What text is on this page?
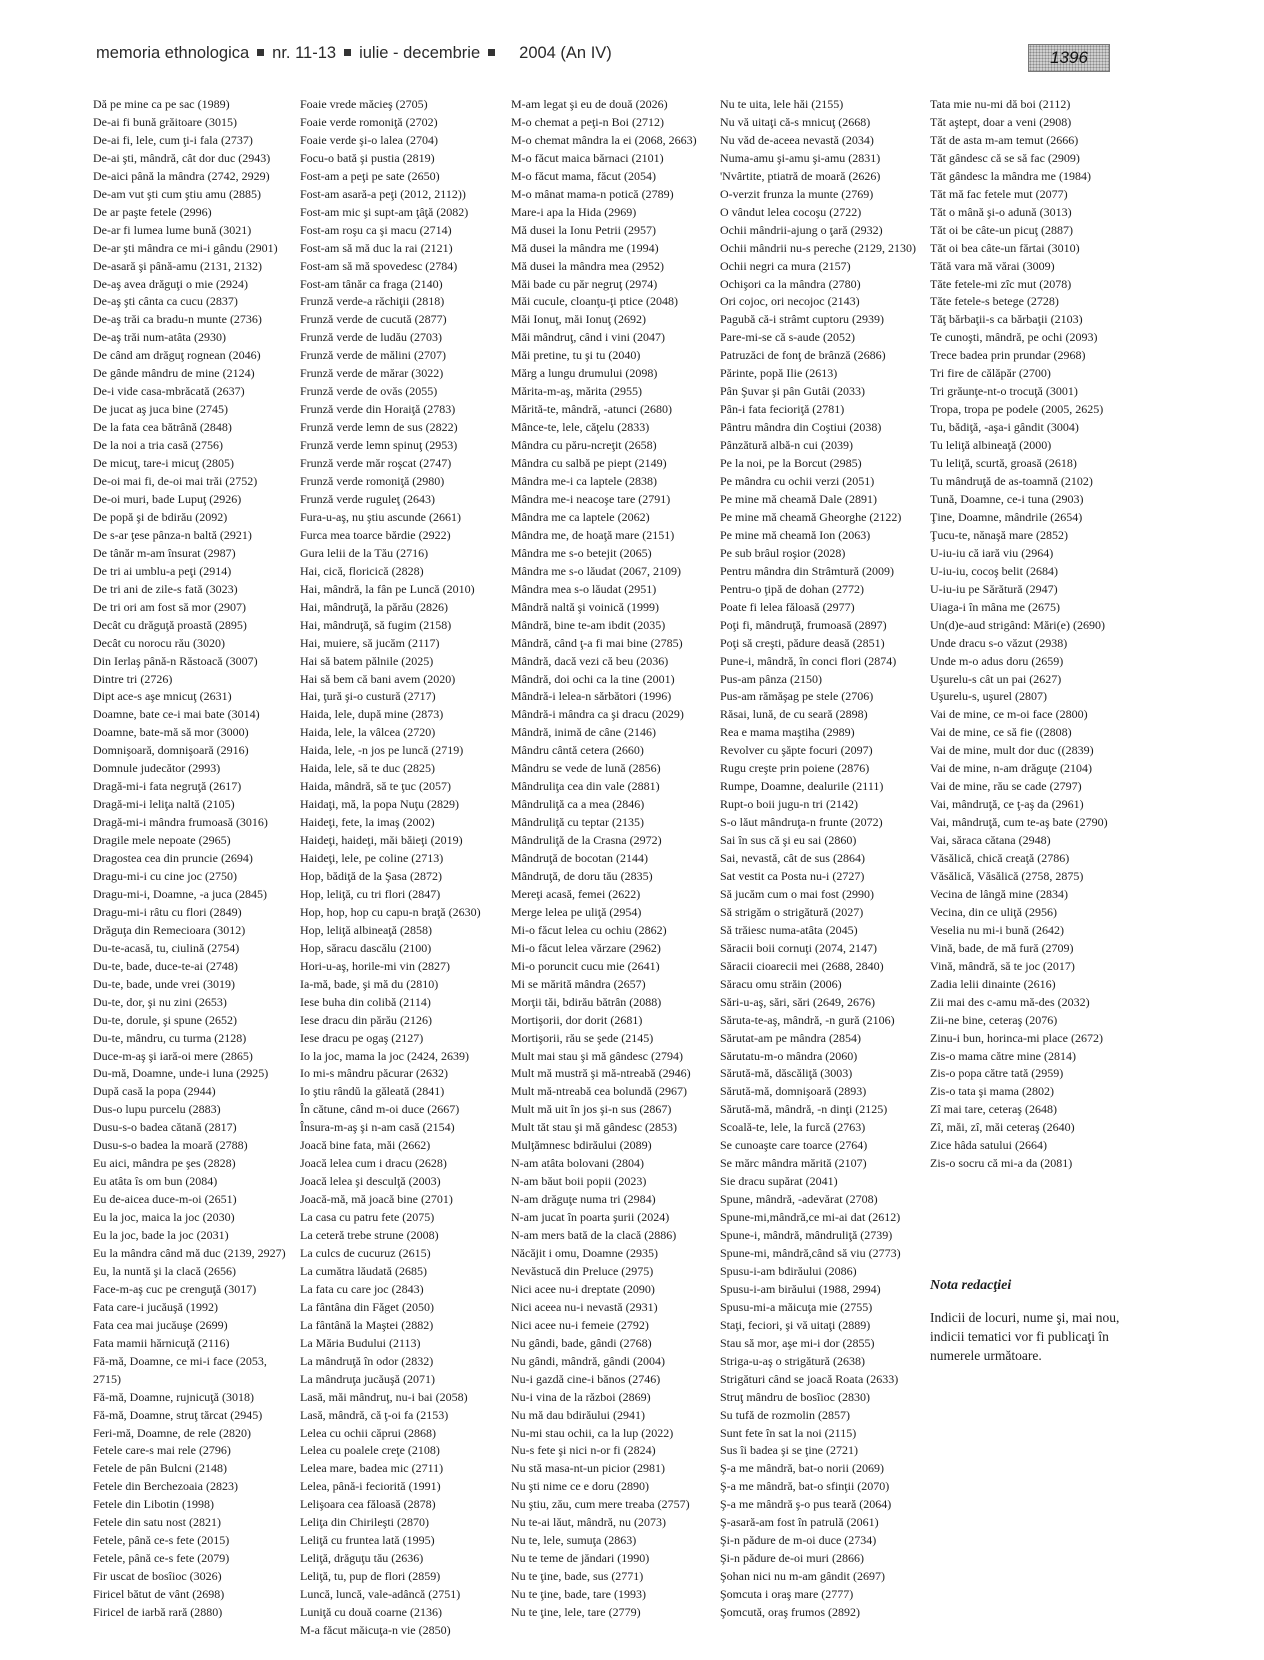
memoria ethnologica nr. 11-13 iulie - decembrie 2004 (An IV)	1396
Dă pe mine ca pe sac (1989)
De-ai fi bună grăitoare (3015)
De-ai fi, lele, cum ţi-i fala (2737)
De-ai şti, mândră, cât dor duc (2943)
De-aici până la mândra (2742, 2929)
De-am vut şti cum ştiu amu (2885)
De ar paşte fetele (2996)
De-ar fi lumea lume bună (3021)
De-ar şti mândra ce mi-i gându (2901)
De-asară şi până-amu (2131, 2132)
De-aş avea drăguţi o mie (2924)
De-aş şti cânta ca cucu (2837)
De-aş trăi ca bradu-n munte (2736)
De-aş trăi num-atâta (2930)
De când am drăguţ rognean (2046)
De gânde mândru de mine (2124)
De-i vide casa-mbrăcată (2637)
De jucat aş juca bine (2745)
De la fata cea bătrână (2848)
De la noi a tria casă (2756)
De micuţ, tare-i micuţ (2805)
De-oi mai fi, de-oi mai trăi (2752)
De-oi muri, bade Lupuţ (2926)
De popă şi de bdirău (2092)
De s-ar ţese pânza-n baltă (2921)
De tânăr m-am însurat (2987)
De tri ai umblu-a peţi (2914)
De tri ani de zile-s fată (3023)
De tri ori am fost să mor (2907)
Decât cu drăguţă proastă (2895)
Decât cu norocu rău (3020)
Din Ierlaş până-n Răstoacă (3007)
Dintre tri (2726)
Dipt ace-s aşe mnicuţ (2631)
Doamne, bate ce-i mai bate (3014)
Doamne, bate-mă să mor (3000)
Domnişoară, domnişoară (2916)
Domnule judecător (2993)
Dragă-mi-i fata negruţă (2617)
Dragă-mi-i leliţa naltă (2105)
Dragă-mi-i mândra frumoasă (3016)
Dragile mele nepoate (2965)
Dragostea cea din pruncie (2694)
Dragu-mi-i cu cine joc (2750)
Dragu-mi-i, Doamne, -a juca (2845)
Dragu-mi-i râtu cu flori (2849)
Drăguţa din Remecioara (3012)
Du-te-acasă, tu, ciulină (2754)
Du-te, bade, duce-te-ai (2748)
Du-te, bade, unde vrei (3019)
Du-te, dor, şi nu zini (2653)
Du-te, dorule, şi spune (2652)
Du-te, mândru, cu turma (2128)
Duce-m-aş şi iară-oi mere (2865)
Du-mă, Doamne, unde-i luna (2925)
După casă la popa (2944)
Dus-o lupu purcelu (2883)
Dusu-s-o badea cătană (2817)
Dusu-s-o badea la moară (2788)
Eu aici, mândra pe şes (2828)
Eu atâta îs om bun (2084)
Eu de-aicea duce-m-oi (2651)
Eu la joc, maica la joc (2030)
Eu la joc, bade la joc (2031)
Eu la mândra când mă duc (2139, 2927)
Eu, la nuntă şi la clacă (2656)
Face-m-aş cuc pe crenguţă (3017)
Fata care-i jucăuşă (1992)
Fata cea mai jucăuşe (2699)
Fata mamii hărnicuţă (2116)
Fă-mă, Doamne, ce mi-i face (2053, 2715)
Fă-mă, Doamne, rujnicuţă (3018)
Fă-mă, Doamne, struţ tărcat (2945)
Feri-mă, Doamne, de rele (2820)
Fetele care-s mai rele (2796)
Fetele de pân Bulcni (2148)
Fetele din Berchezoaia (2823)
Fetele din Libotin (1998)
Fetele din satu nost (2821)
Fetele, până ce-s fete (2015)
Fetele, până ce-s fete (2079)
Fir uscat de bosîioc (3026)
Firicel bătut de vânt (2698)
Firicel de iarbă rară (2880)
Foaie vrede măcieş (2705)
Foaie verde romoniţă (2702)
Foaie verde şi-o lalea (2704)
Focu-o bată şi pustia (2819)
Fost-am a peţi pe sate (2650)
Fost-am asară-a peţi (2012, 2112))
Fost-am mic şi supt-am ţâţă (2082)
Fost-am roşu ca şi macu (2714)
Fost-am să mă duc la rai (2121)
Fost-am să mă spovedesc (2784)
Fost-am tânăr ca fraga (2140)
Frunză verde-a răchiţii (2818)
Frunză verde de cucută (2877)
Frunză verde de ludău (2703)
Frunză verde de mălini (2707)
Frunză verde de mărar (3022)
Frunză verde de ovăs (2055)
Frunză verde din Horaiţă (2783)
Frunză verde lemn de sus (2822)
Frunză verde lemn spinuţ (2953)
Frunză verde măr roşcat (2747)
Frunză verde romoniţă (2980)
Frunză verde ruguleţ (2643)
Fura-u-aş, nu ştiu ascunde (2661)
Furca mea toarce bărdie (2922)
Gura lelii de la Tău (2716)
Hai, cică, floricică (2828)
Hai, mândră, la fân pe Luncă (2010)
Hai, mândruţă, la părău (2826)
Hai, mândruţă, să fugim (2158)
Hai, muiere, să jucăm (2117)
Hai să batem pălnile (2025)
Hai să bem că bani avem (2020)
Hai, ţură şi-o custură (2717)
Haida, lele, după mine (2873)
Haida, lele, la vâlcea (2720)
Haida, lele, -n jos pe luncă (2719)
Haida, lele, să te duc (2825)
Haida, mândră, să te ţuc (2057)
Haidaţi, mă, la popa Nuţu (2829)
Haideţi, fete, la imaş (2002)
Haideţi, haideţi, măi băieţi (2019)
Haideţi, lele, pe coline (2713)
Hop, bădiţă de la Şasa (2872)
Hop, leliţă, cu tri flori (2847)
Hop, hop, hop cu capu-n braţă (2630)
Hop, leliţă albineaţă (2858)
Hop, săracu dascălu (2100)
Hori-u-aş, horile-mi vin (2827)
Ia-mă, bade, şi mă du (2810)
Iese buha din colibă (2114)
Iese dracu din părău (2126)
Iese dracu pe ogaş (2127)
Io la joc, mama la joc (2424, 2639)
Io mi-s mândru păcurar (2632)
Io ştiu rândŭ la găleată (2841)
În cătune, când m-oi duce (2667)
Însura-m-aş şi n-am casă (2154)
Joacă bine fata, măi (2662)
Joacă lelea cum i dracu (2628)
Joacă lelea şi desculţă (2003)
Joacă-mă, mă joacă bine (2701)
La casa cu patru fete (2075)
La ceteră trebe strune (2008)
La culcs de cucuruz (2615)
La cumătra lăudată (2685)
La fata cu care joc (2843)
La fântâna din Făget (2050)
La fântână la Maştei (2882)
La Măria Budului (2113)
La mândruţă în odor (2832)
La mândruţa jucăuşă (2071)
Lasă, măi mândruţ, nu-i bai (2058)
Lasă, mândră, că ţ-oi fa (2153)
Lelea cu ochii căprui (2868)
Lelea cu poalele creţe (2108)
Lelea mare, badea mic (2711)
Lelea, până-i feciorită (1991)
Lelişoara cea făloasă (2878)
Leliţa din Chirileşti (2870)
Leliţă cu fruntea lată (1995)
Leliţă, drăguţu tău (2636)
Leliţă, tu, pup de flori (2859)
Luncă, luncă, vale-adâncă (2751)
Luniţă cu două coarne (2136)
M-a făcut măicuţa-n vie (2850)
M-am legat şi eu de două (2026)
M-o chemat a peţi-n Boi (2712)
M-o chemat mândra la ei (2068, 2663)
M-o făcut maica bărnaci (2101)
M-o făcut mama, făcut (2054)
M-o mânat mama-n potică (2789)
Mare-i apa la Hida (2969)
Mă dusei la Ionu Petrii (2957)
Mă dusei la mândra me (1994)
Mă dusei la mândra mea (2952)
Măi bade cu păr negruţ (2974)
Măi cucule, cloanţu-ţi ptice (2048)
Măi Ionuţ, măi Ionuţ (2692)
Măi mândruţ, când i vini (2047)
Măi pretine, tu şi tu (2040)
Mărg a lungu drumului (2098)
Mărita-m-aş, mărita (2955)
Mărită-te, mândră, -atunci (2680)
Mânce-te, lele, căţelu (2833)
Mândra cu păru-ncreţit (2658)
Mândra cu salbă pe piept (2149)
Mândra me-i ca laptele (2838)
Mândra me-i neacoşe tare (2791)
Mândra me ca laptele (2062)
Mândra me, de hoaţă mare (2151)
Mândra me s-o betejit (2065)
Mândra me s-o lăudat (2067, 2109)
Mândra mea s-o lăudat (2951)
Mândră naltă şi voinică (1999)
Mândră, bine te-am ibdit (2035)
Mândră, când ţ-a fi mai bine (2785)
Mândră, dacă vezi că beu (2036)
Mândră, doi ochi ca la tine (2001)
Mândră-i lelea-n sărbători (1996)
Mândră-i mândra ca şi dracu (2029)
Mândră, inimă de câne (2146)
Mândru cântă cetera (2660)
Mândru se vede de lună (2856)
Mândruliţa cea din vale (2881)
Mândruliţă ca a mea (2846)
Mândruliţă cu teptar (2135)
Mândruliţă de la Crasna (2972)
Mândruţă de bocotan (2144)
Mândruţă, de doru tău (2835)
Mereţi acasă, femei (2622)
Merge lelea pe uliţă (2954)
Mi-o făcut lelea cu ochiu (2862)
Mi-o făcut lelea vărzare (2962)
Mi-o poruncit cucu mie (2641)
Mi se mărită mândra (2657)
Morţii tăi, bdirău bătrân (2088)
Mortişorii, dor dorit (2681)
Mortişorii, rău se şede (2145)
Mult mai stau şi mă gândesc (2794)
Mult mă mustră şi mă-ntreabă (2946)
Mult mă-ntreabă cea bolundă (2967)
Mult mă uit în jos şi-n sus (2867)
Mult tăt stau şi mă gândesc (2853)
Mulţămnesc bdirăului (2089)
N-am atâta bolovani (2804)
N-am băut boii popii (2023)
N-am drăguţe numa tri (2984)
N-am jucat în poarta şurii (2024)
N-am mers bată de la clacă (2886)
Năcăjit i omu, Doamne (2935)
Nevăstucă din Preluce (2975)
Nici acee nu-i dreptate (2090)
Nici aceea nu-i nevastă (2931)
Nici acee nu-i femeie (2792)
Nu gândi, bade, gândi (2768)
Nu gândi, mândră, gândi (2004)
Nu-i gazdă cine-i bănos (2746)
Nu-i vina de la război (2869)
Nu mă dau bdirăului (2941)
Nu-mi stau ochii, ca la lup (2022)
Nu-s fete şi nici n-or fi (2824)
Nu stă masa-nt-un picior (2981)
Nu şti nime ce e doru (2890)
Nu ştiu, zău, cum mere treaba (2757)
Nu te-ai lăut, mândră, nu (2073)
Nu te, lele, sumuţa (2863)
Nu te teme de jăndari (1990)
Nu te ţine, bade, sus (2771)
Nu te ţine, bade, tare (1993)
Nu te ţine, lele, tare (2779)
Nu te uita, lele hăi (2155)
Nu vă uitaţi că-s mnicuţ (2668)
Nu văd de-aceea nevastă (2034)
Numa-amu şi-amu şi-amu (2831)
'Nvârtite, ptiatră de moară (2626)
O-verzit frunza la munte (2769)
O vândut lelea cocoşu (2722)
Ochii mândrii-ajung o ţară (2932)
Ochii mândrii nu-s pereche (2129, 2130)
Ochii negri ca mura (2157)
Ochişori ca la mândra (2780)
Ori cojoc, ori necojoc (2143)
Pagubă că-i strâmt cuptoru (2939)
Pare-mi-se că s-aude (2052)
Patruzăci de fonţ de brânză (2686)
Părinte, popă Ilie (2613)
Pân Şuvar şi pân Gutâi (2033)
Pân-i fata fecioriţă (2781)
Pântru mândra din Coştiui (2038)
Pânzătură albă-n cui (2039)
Pe la noi, pe la Borcut (2985)
Pe mândra cu ochii verzi (2051)
Pe mine mă cheamă Dale (2891)
Pe mine mă cheamă Gheorghe (2122)
Pe mine mă cheamă Ion (2063)
Pe sub brâul roşior (2028)
Pentru mândra din Strâmtură (2009)
Pentru-o ţipă de dohan (2772)
Poate fi lelea făloasă (2977)
Poţi fi, mândruţă, frumoasă (2897)
Poţi să creşti, pădure deasă (2851)
Pune-i, mândră, în conci flori (2874)
Pus-am pânza (2150)
Pus-am rămăşag pe stele (2706)
Răsai, lună, de cu seară (2898)
Rea e mama maştiha (2989)
Revolver cu şăpte focuri (2097)
Rugu creşte prin poiene (2876)
Rumpe, Doamne, dealurile (2111)
Rupt-o boii jugu-n tri (2142)
S-o lăut mândruţa-n frunte (2072)
Sai în sus că şi eu sai (2860)
Sai, nevastă, cât de sus (2864)
Sat vestit ca Posta nu-i (2727)
Să jucăm cum o mai fost (2990)
Să strigăm o strigătură (2027)
Să trăiesc numa-atâta (2045)
Săracii boii cornuţi (2074, 2147)
Săracii cioarecii mei (2688, 2840)
Săracu omu străin (2006)
Sări-u-aş, sări, sări (2649, 2676)
Săruta-te-aş, mândră, -n gură (2106)
Sărutat-am pe mândra (2854)
Sărutatu-m-o mândra (2060)
Sărută-mă, dăscăliţă (3003)
Sărută-mă, domnişoară (2893)
Sărută-mă, mândră, -n dinţi (2125)
Scoală-te, lele, la furcă (2763)
Se cunoaşte care toarce (2764)
Se mărc mândra mărită (2107)
Sie dracu supărat (2041)
Spune, mândră, -adevărat (2708)
Spune-mi,mândră,ce mi-ai dat (2612)
Spune-i, mândră, mândruliţă (2739)
Spune-mi, mândră,când să viu (2773)
Spusu-i-am bdirăului (2086)
Spusu-i-am birăului (1988, 2994)
Spusu-mi-a măicuţa mie (2755)
Staţi, feciori, şi vă uitaţi (2889)
Stau să mor, aşe mi-i dor (2855)
Striga-u-aş o strigătură (2638)
Strigături când se joacă Roata (2633)
Struţ mândru de bosîioc (2830)
Su tufă de rozmolin (2857)
Sunt fete în sat la noi (2115)
Sus îi badea şi se ţine (2721)
Ş-a me mândră, bat-o norii (2069)
Ş-a me mândră, bat-o sfinţii (2070)
Ş-a me mândră ş-o pus teară (2064)
Ş-asară-am fost în patrulă (2061)
Şi-n pădure de m-oi duce (2734)
Şi-n pădure de-oi muri (2866)
Şohan nici nu m-am gândit (2697)
Şomcuta i oraş mare (2777)
Şomcută, oraş frumos (2892)
Tata mie nu-mi dă boi (2112)
Tăt aştept, doar a veni (2908)
Tăt de asta m-am temut (2666)
Tăt gândesc că se să fac (2909)
Tăt gândesc la mândra me (1984)
Tăt mă fac fetele mut (2077)
Tăt o mână şi-o adună (3013)
Tăt oi be câte-un picuţ (2887)
Tăt oi bea câte-un fărtai (3010)
Tătă vara mă vărai (3009)
Tăte fetele-mi zîc mut (2078)
Tăte fetele-s betege (2728)
Tăţ bărbaţii-s ca bărbaţii (2103)
Te cunoşti, mândră, pe ochi (2093)
Trece badea prin prundar (2968)
Tri fire de călăpăr (2700)
Tri grăunţe-nt-o trocuţă (3001)
Tropa, tropa pe podele (2005, 2625)
Tu, bădiţă, -aşa-i gândit (3004)
Tu leliţă albineaţă (2000)
Tu leliţă, scurtă, groasă (2618)
Tu mândruţă de as-toamnă (2102)
Tună, Doamne, ce-i tuna (2903)
Ţine, Doamne, mândrile (2654)
Ţucu-te, nănaşă mare (2852)
U-iu-iu că iară viu (2964)
U-iu-iu, cocoş belit (2684)
U-iu-iu pe Sărătură (2947)
Uiaga-i în mâna me (2675)
Un(d)e-aud strigând: Mări(e) (2690)
Unde dracu s-o văzut (2938)
Unde m-o adus doru (2659)
Uşurelu-s cât un pai (2627)
Uşurelu-s, uşurel (2807)
Vai de mine, ce m-oi face (2800)
Vai de mine, ce să fie ((2808)
Vai de mine, mult dor duc ((2839)
Vai de mine, n-am drăguţe (2104)
Vai de mine, rău se cade (2797)
Vai, mândruţă, ce ţ-aş da (2961)
Vai, mândruţă, cum te-aş bate (2790)
Vai, săraca cătana (2948)
Văsălică, chică creaţă (2786)
Văsălică, Văsălică (2758, 2875)
Vecina de lângă mine (2834)
Vecina, din ce uliţă (2956)
Veselia nu mi-i bună (2642)
Vină, bade, de mă fură (2709)
Vină, mândră, să te joc (2017)
Zadia lelii dinainte (2616)
Zii mai des c-amu mă-des (2032)
Zii-ne bine, ceteraş (2076)
Zinu-i bun, horinca-mi place (2672)
Zis-o mama către mine (2814)
Zis-o popa către tată (2959)
Zis-o tata şi mama (2802)
Zî mai tare, ceteraş (2648)
Zî, măi, zî, măi ceteraş (2640)
Zice hâda satului (2664)
Zis-o socru că mi-a da (2081)
Nota redacţiei
Indicii de locuri, nume şi, mai nou, indicii tematici vor fi publicaţi în numerele următoare.
